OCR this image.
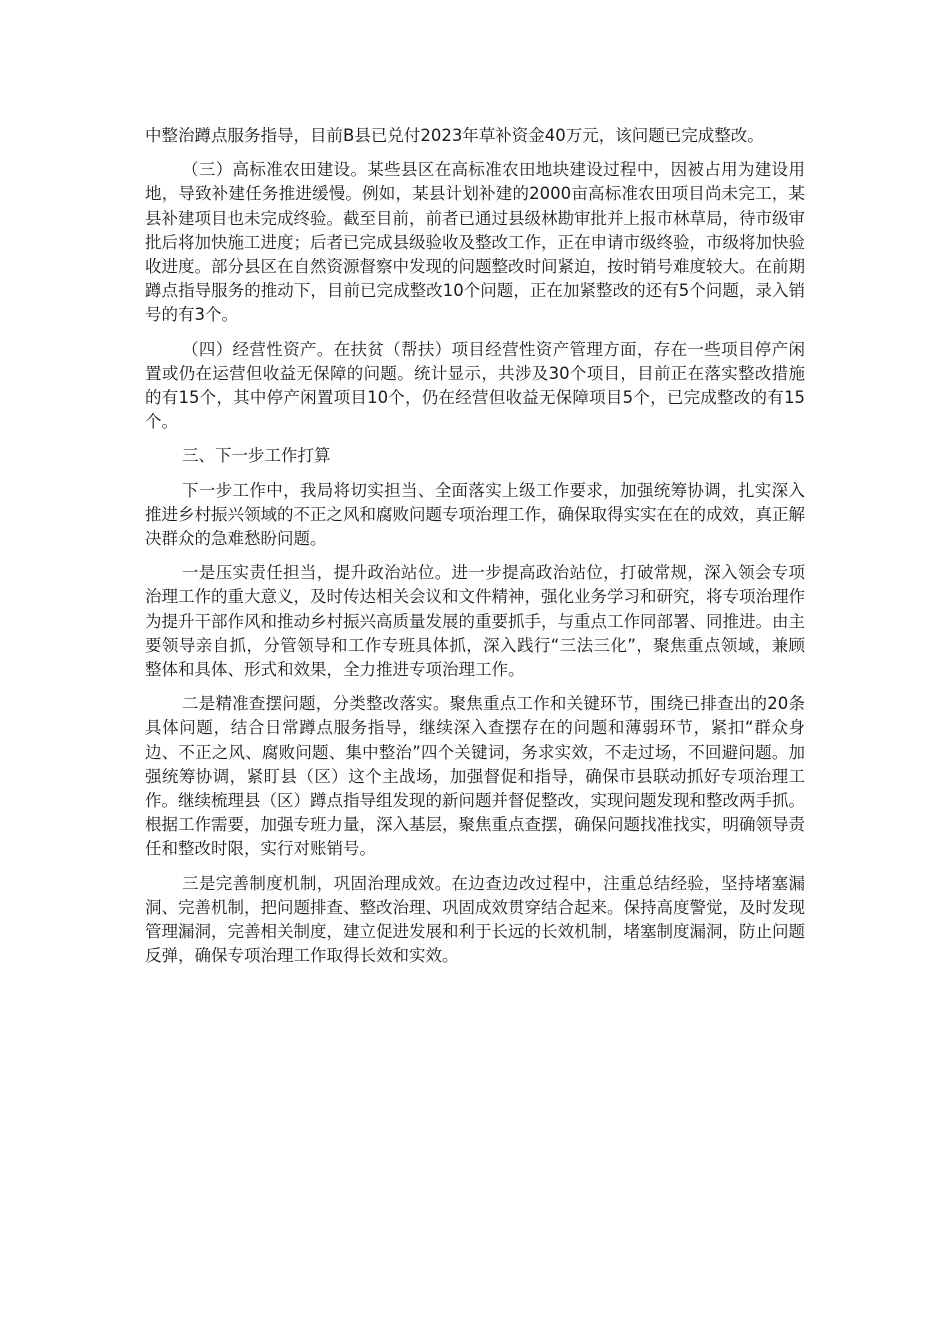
中整治蹲点服务指导，目前B县已兑付2023年草补资金40万元，该问题已完成整改。

（三）高标准农田建设。某些县区在高标准农田地块建设过程中，因被占用为建设用地，导致补建任务推进缓慢。例如，某县计划补建的2000亩高标准农田项目尚未完工，某县补建项目也未完成终验。截至目前，前者已通过县级林勘审批并上报市林草局，待市级审批后将加快施工进度；后者已完成县级验收及整改工作，正在申请市级终验，市级将加快验收进度。部分县区在自然资源督察中发现的问题整改时间紧迫，按时销号难度较大。在前期蹲点指导服务的推动下，目前已完成整改10个问题，正在加紧整改的还有5个问题，录入销号的有3个。

（四）经营性资产。在扶贫（帮扶）项目经营性资产管理方面，存在一些项目停产闲置或仍在运营但收益无保障的问题。统计显示，共涉及30个项目，目前正在落实整改措施的有15个，其中停产闲置项目10个，仍在经营但收益无保障项目5个，已完成整改的有15个。

三、下一步工作打算

下一步工作中，我局将切实担当、全面落实上级工作要求，加强统筹协调，扎实深入推进乡村振兴领域的不正之风和腐败问题专项治理工作，确保取得实实在在的成效，真正解决群众的急难愁盼问题。

一是压实责任担当，提升政治站位。进一步提高政治站位，打破常规，深入领会专项治理工作的重大意义，及时传达相关会议和文件精神，强化业务学习和研究，将专项治理作为提升干部作风和推动乡村振兴高质量发展的重要抓手，与重点工作同部署、同推进。由主要领导亲自抓，分管领导和工作专班具体抓，深入践行“三法三化”，聚焦重点领域，兼顾整体和具体、形式和效果，全力推进专项治理工作。

二是精准查摆问题，分类整改落实。聚焦重点工作和关键环节，围绕已排查出的20条具体问题，结合日常蹲点服务指导，继续深入查摆存在的问题和薄弱环节，紧扣“群众身边、不正之风、腐败问题、集中整治”四个关键词，务求实效，不走过场，不回避问题。加强统筹协调，紧盯县（区）这个主战场，加强督促和指导，确保市县联动抓好专项治理工作。继续梳理县（区）蹲点指导组发现的新问题并督促整改，实现问题发现和整改两手抓。根据工作需要，加强专班力量，深入基层，聚焦重点查摆，确保问题找准找实，明确领导责任和整改时限，实行对账销号。

三是完善制度机制，巩固治理成效。在边查边改过程中，注重总结经验，坚持堵塞漏洞、完善机制，把问题排查、整改治理、巩固成效贯穿结合起来。保持高度警觉，及时发现管理漏洞，完善相关制度，建立促进发展和利于长远的长效机制，堵塞制度漏洞，防止问题反弹，确保专项治理工作取得长效和实效。
